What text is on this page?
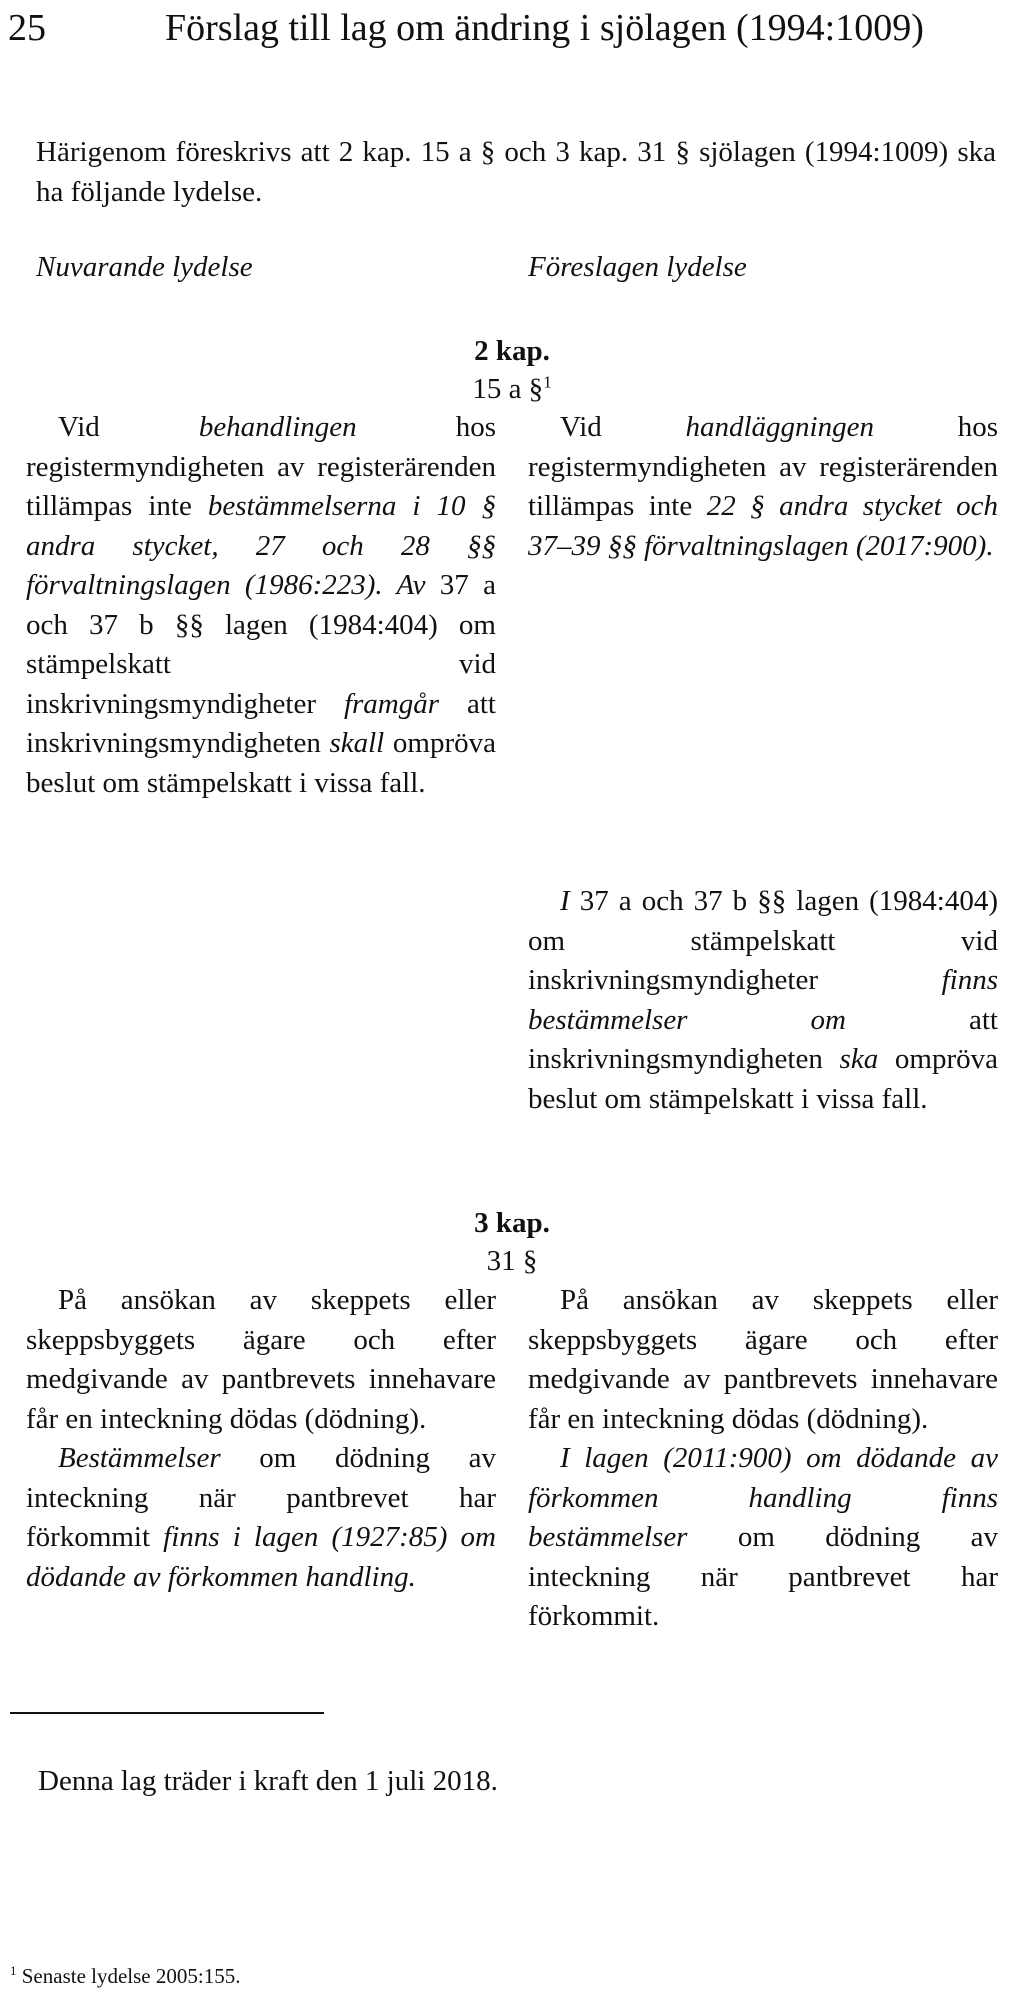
25	Förslag till lag om ändring i sjölagen (1994:1009)
Härigenom föreskrivs att 2 kap. 15 a § och 3 kap. 31 § sjölagen (1994:1009) ska ha följande lydelse.
Nuvarande lydelse	Föreslagen lydelse
2 kap.
15 a §$^1$

Vid behandlingen hos registermyndigheten av registerärenden tillämpas inte bestämmelserna i 10 § andra stycket, 27 och 28 §§ förvaltningslagen (1986:223). Av 37 a och 37 b §§ lagen (1984:404) om stämpelskatt vid inskrivningsmyndigheter framgår att inskrivningsmyndigheten skall ompröva beslut om stämpelskatt i vissa fall.

Vid handläggningen hos registermyndigheten av registerärenden tillämpas inte 22 § andra stycket och 37–39 §§ förvaltningslagen (2017:900).

I 37 a och 37 b §§ lagen (1984:404) om stämpelskatt vid inskrivningsmyndigheter finns bestämmelser om att inskrivningsmyndigheten ska ompröva beslut om stämpelskatt i vissa fall.

3 kap.
31 §

På ansökan av skeppets eller skeppsbyggets ägare och efter medgivande av pantbrevets innehavare får en inteckning dödas (dödning).

Bestämmelser om dödning av inteckning när pantbrevet har förkommit finns i lagen (1927:85) om dödande av förkommen handling.

På ansökan av skeppets eller skeppsbyggets ägare och efter medgivande av pantbrevets innehavare får en inteckning dödas (dödning).

I lagen (2011:900) om dödande av förkommen handling finns bestämmelser om dödning av inteckning när pantbrevet har förkommit.

Denna lag träder i kraft den 1 juli 2018.
$^1$ Senaste lydelse 2005:155.
